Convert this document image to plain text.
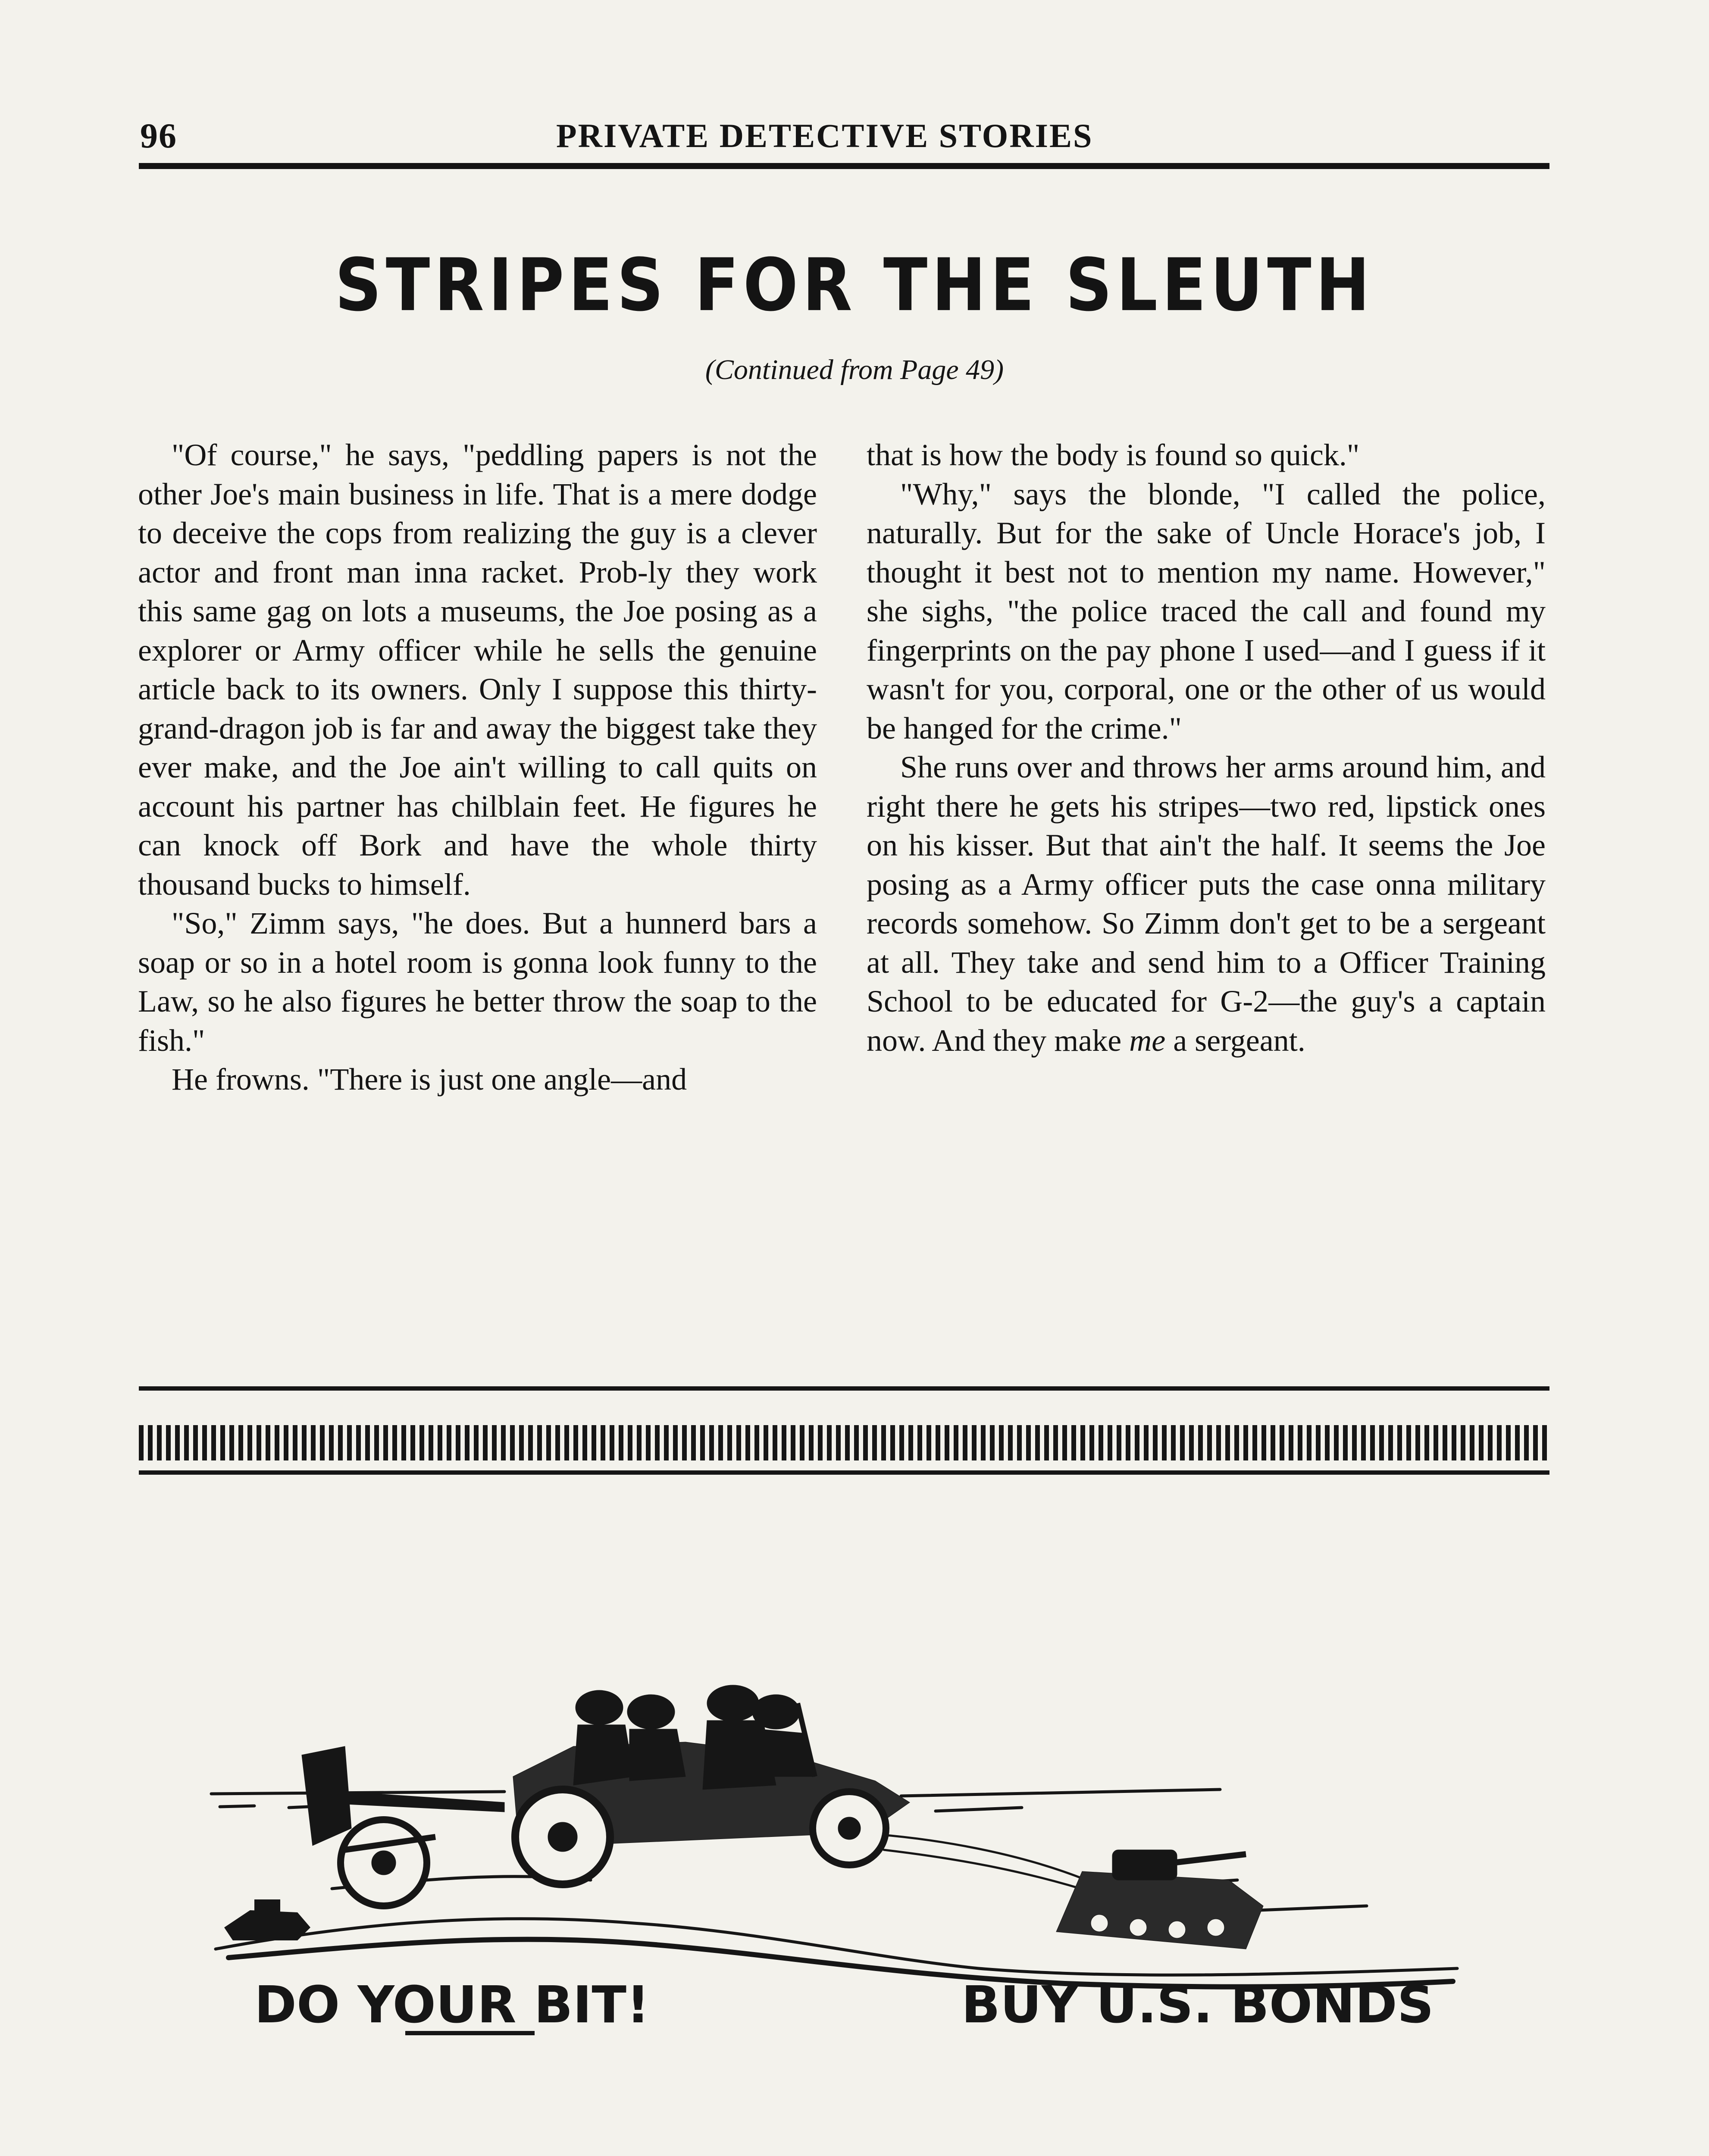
96	PRIVATE DETECTIVE STORIES
STRIPES FOR THE SLEUTH
(Continued from Page 49)

"Of course," he says, "peddling papers is not the other Joe's main business in life. That is a mere dodge to deceive the cops from realizing the guy is a clever actor and front man inna racket. Prob-ly they work this same gag on lots a museums, the Joe posing as a explorer or Army officer while he sells the genuine article back to its owners. Only I suppose this thirty-grand-dragon job is far and away the biggest take they ever make, and the Joe ain't willing to call quits on account his partner has chilblain feet. He figures he can knock off Bork and have the whole thirty thousand bucks to himself.

"So," Zimm says, "he does. But a hunnerd bars a soap or so in a hotel room is gonna look funny to the Law, so he also figures he better throw the soap to the fish."

He frowns. "There is just one angle—and

that is how the body is found so quick."

"Why," says the blonde, "I called the police, naturally. But for the sake of Uncle Horace's job, I thought it best not to mention my name. However," she sighs, "the police traced the call and found my fingerprints on the pay phone I used—and I guess if it wasn't for you, corporal, one or the other of us would be hanged for the crime."

She runs over and throws her arms around him, and right there he gets his stripes—two red, lipstick ones on his kisser. But that ain't the half. It seems the Joe posing as a Army officer puts the case onna military records somehow. So Zimm don't get to be a sergeant at all. They take and send him to a Officer Training School to be educated for G-2—the guy's a captain now. And they make me a sergeant.

DO YOUR BIT!	BUY U.S. BONDS
